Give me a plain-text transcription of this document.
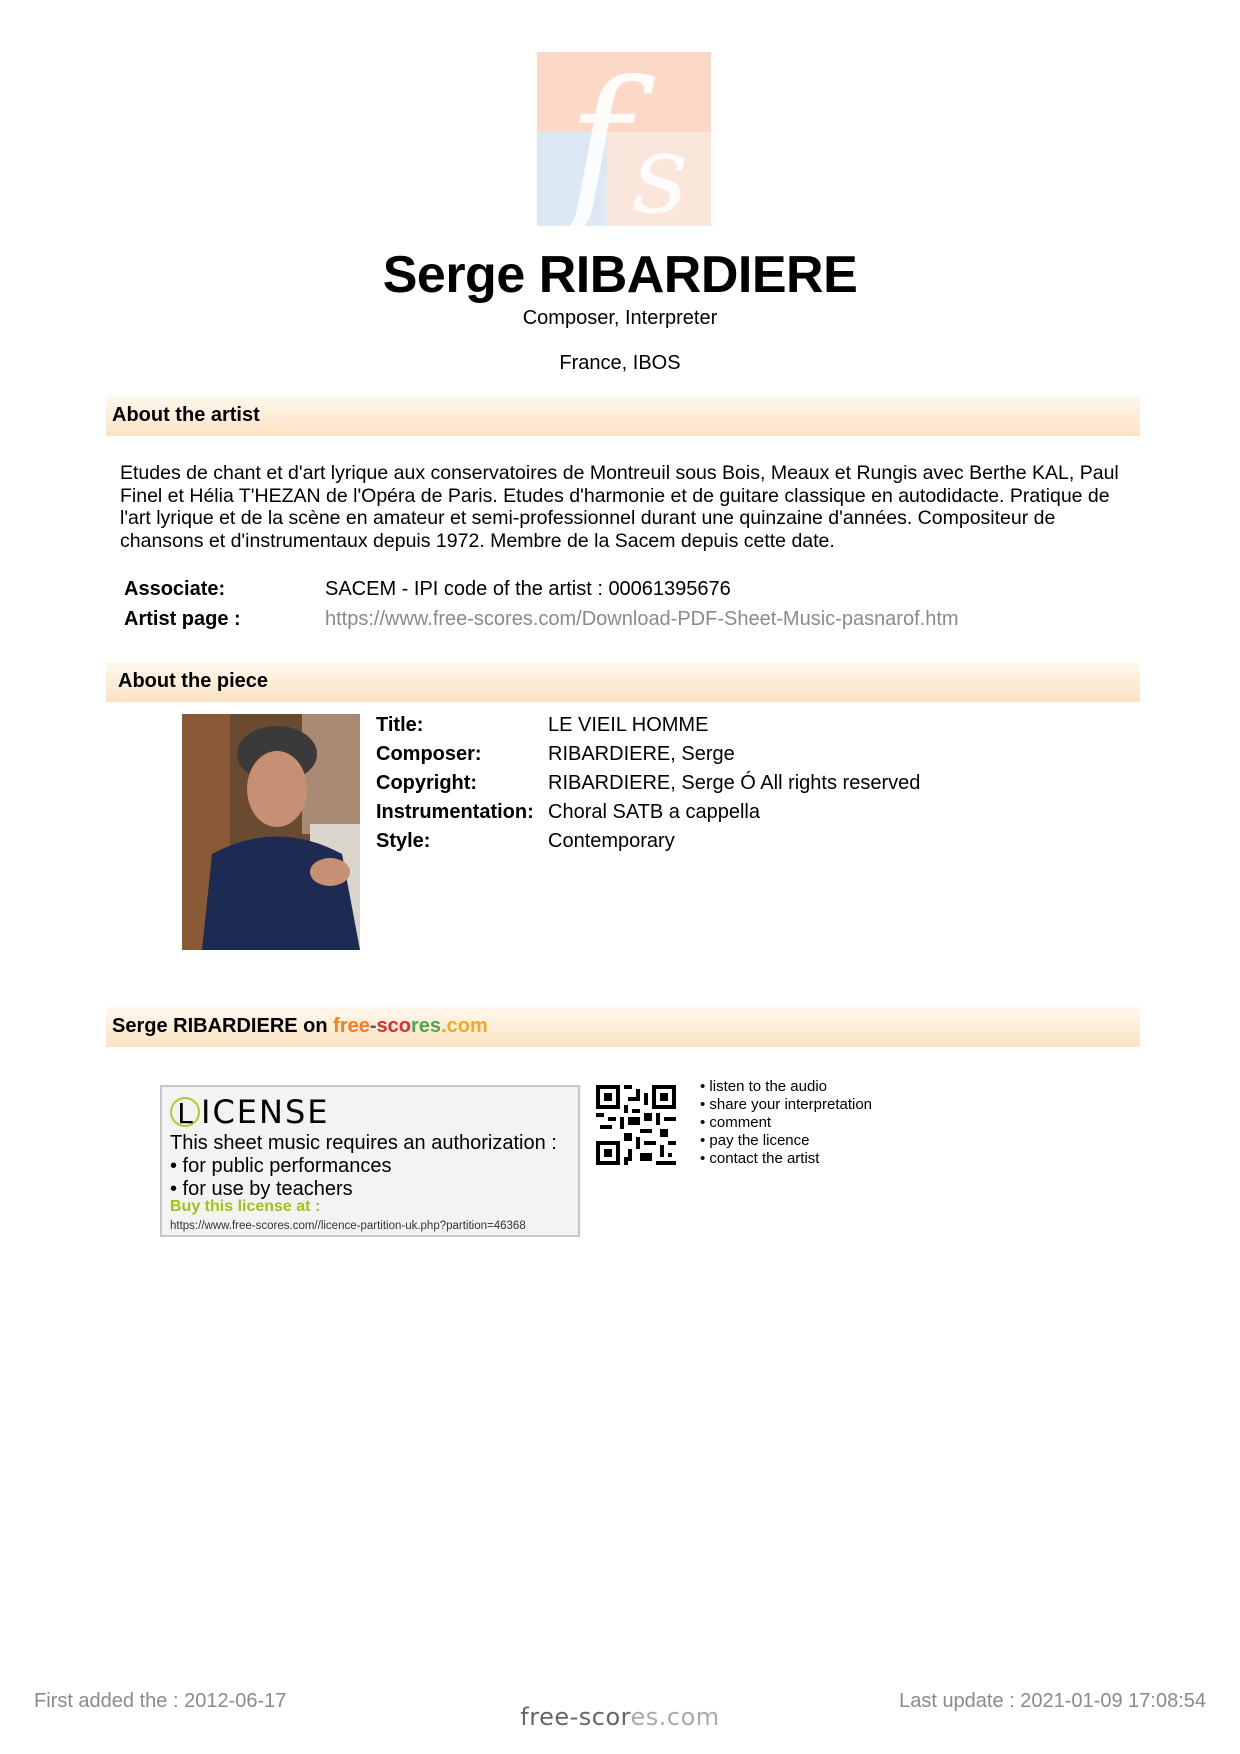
f s
Serge RIBARDIERE
Composer, Interpreter
France, IBOS
About the artist
Etudes de chant et d'art lyrique aux conservatoires de Montreuil sous Bois, Meaux et Rungis avec Berthe KAL, Paul Finel et Hélia T'HEZAN de l'Opéra de Paris. Etudes d'harmonie et de guitare classique en autodidacte. Pratique de l'art lyrique et de la scène en amateur et semi-professionnel durant une quinzaine d'années. Compositeur de chansons et d'instrumentaux depuis 1972. Membre de la Sacem depuis cette date.
Associate:	SACEM - IPI code of the artist : 00061395676
Artist page :	https://www.free-scores.com/Download-PDF-Sheet-Music-pasnarof.htm
About the piece
Title:	LE VIEIL HOMME
Composer:	RIBARDIERE, Serge
Copyright:	RIBARDIERE, Serge Ó All rights reserved
Instrumentation: Choral SATB a cappella
Style:	Contemporary
Serge RIBARDIERE on free-scores.com
L ICENSE
This sheet music requires an authorization :
• for public performances
• for use by teachers
Buy this license at :
https://www.free-scores.com//licence-partition-uk.php?partition=46368
• listen to the audio
• share your interpretation
• comment
• pay the licence
• contact the artist
First added the : 2012-06-17
free-scores.com
Last update : 2021-01-09 17:08:54
